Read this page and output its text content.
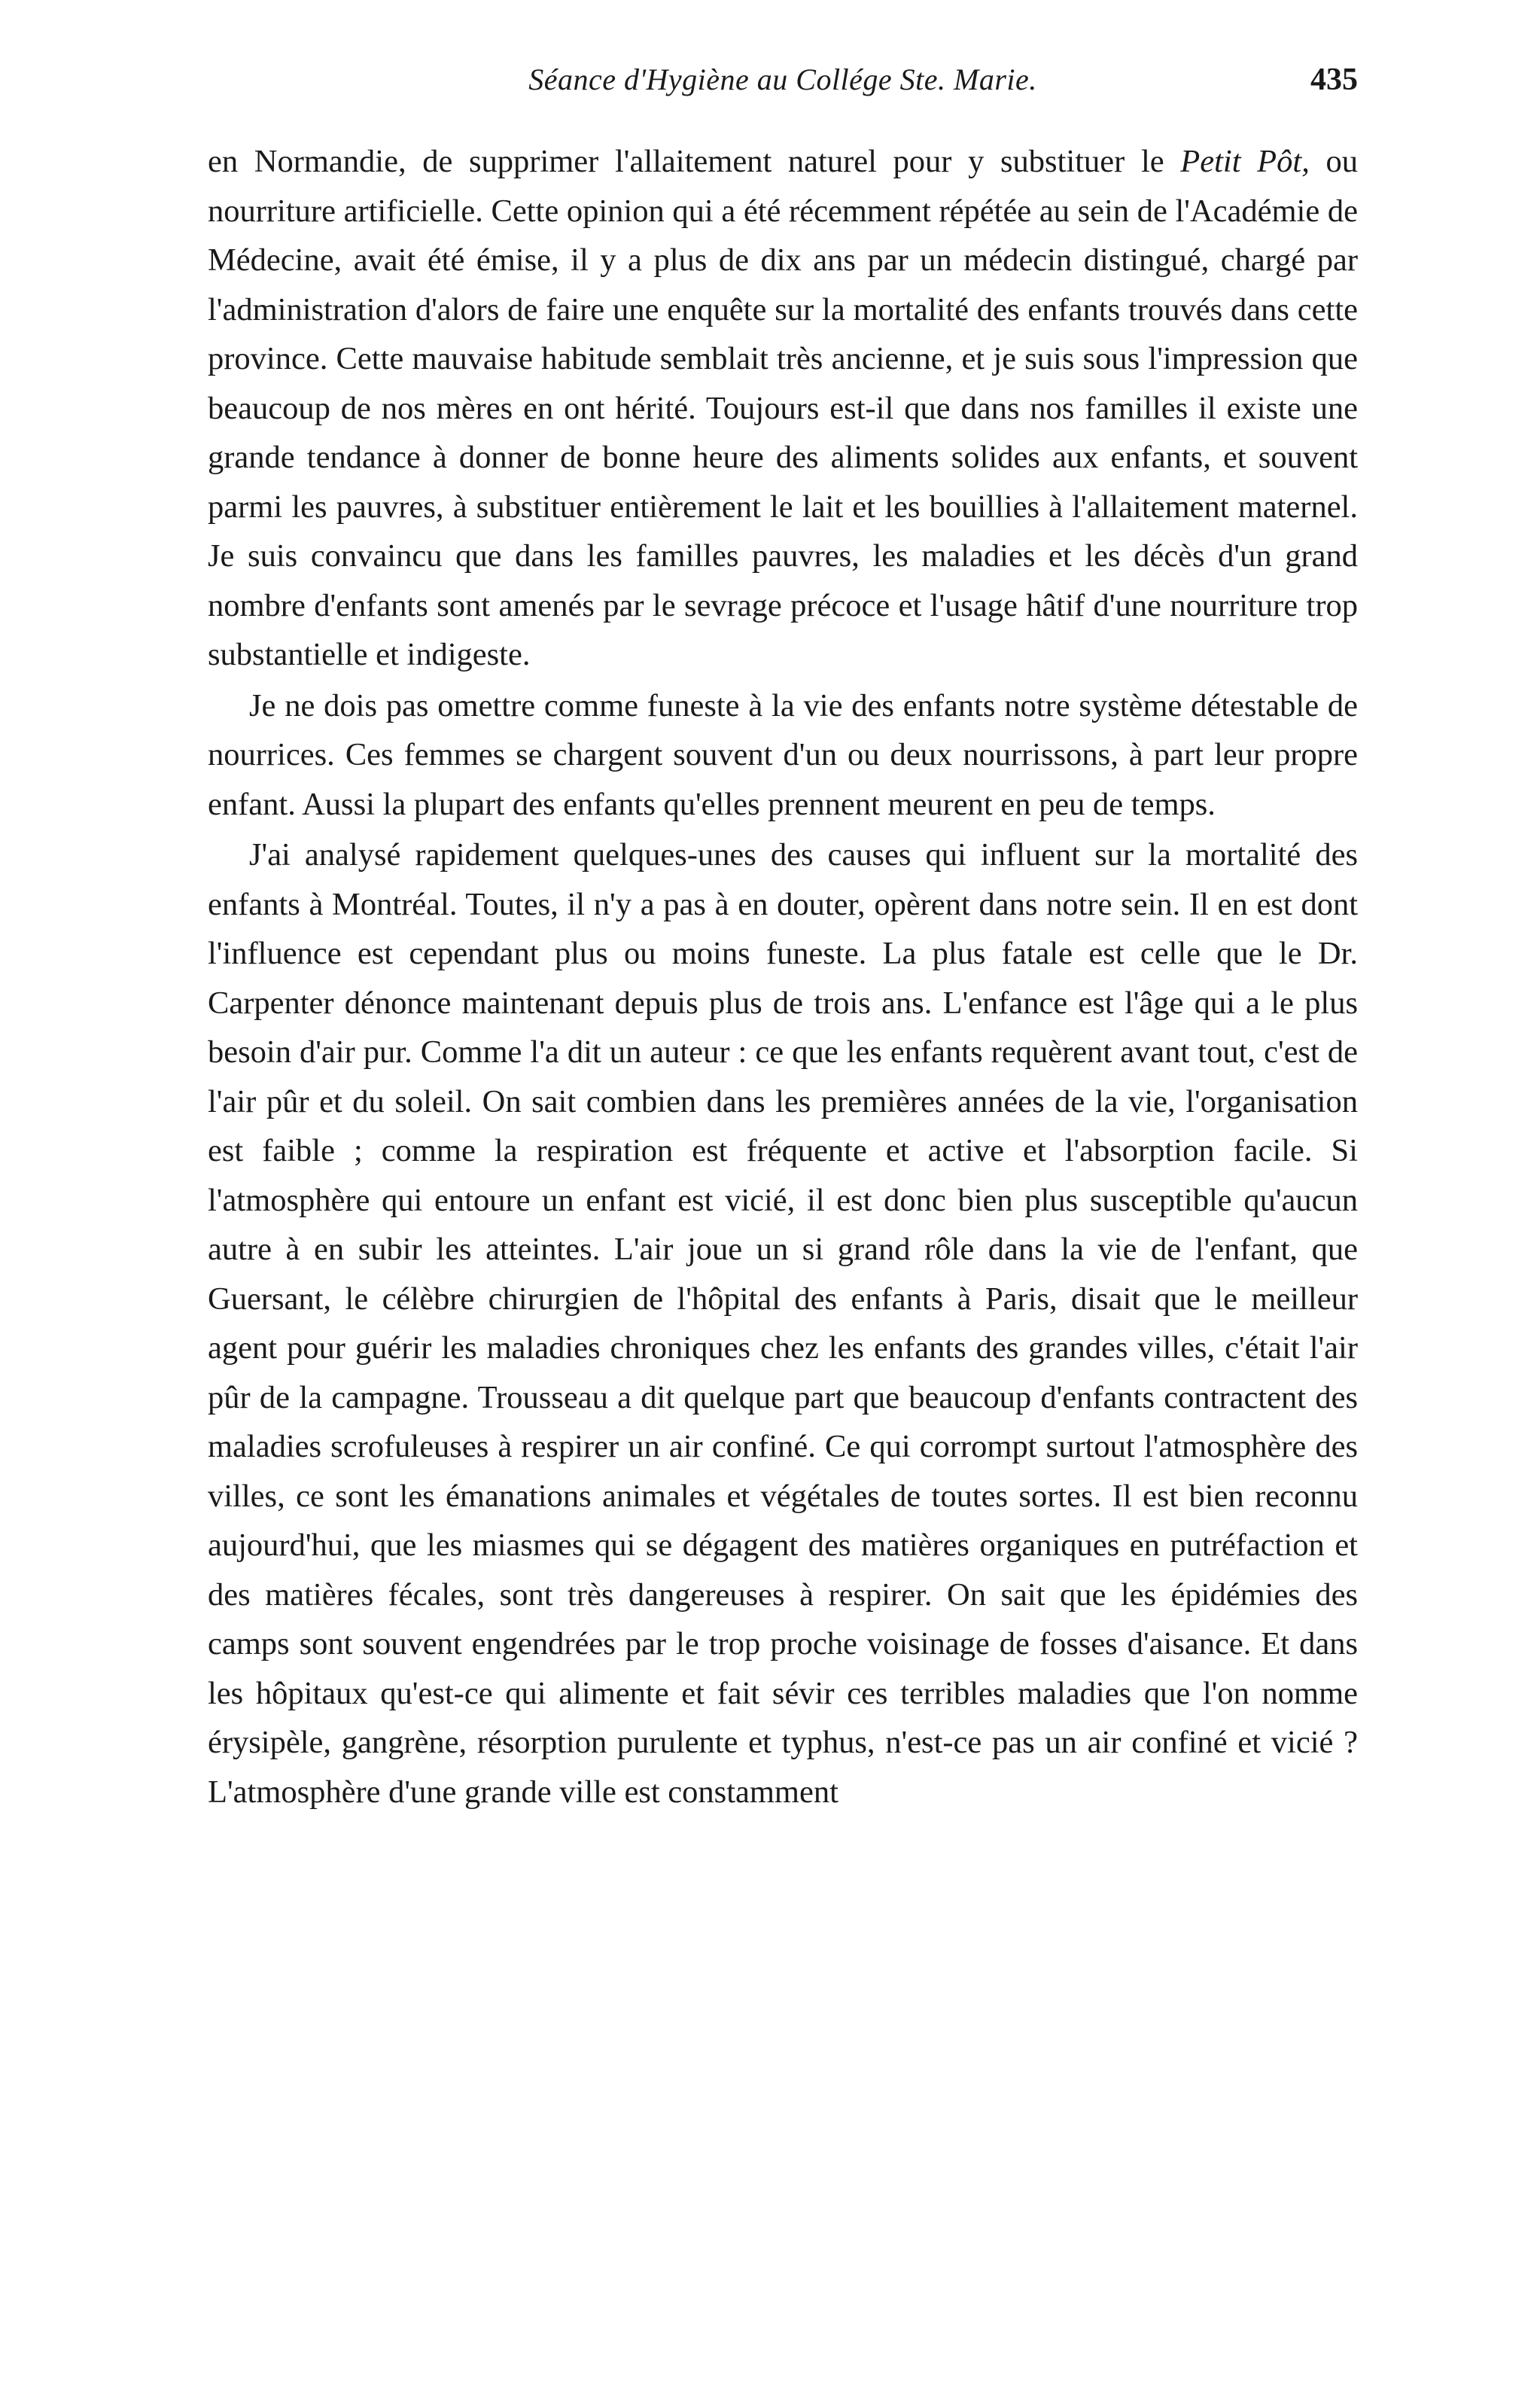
Séance d'Hygiène au Collége Ste. Marie.	435

en Normandie, de supprimer l'allaitement naturel pour y substituer le Petit Pôt, ou nourriture artificielle. Cette opinion qui a été récemment répétée au sein de l'Académie de Médecine, avait été émise, il y a plus de dix ans par un médecin distingué, chargé par l'administration d'alors de faire une enquête sur la mortalité des enfants trouvés dans cette province. Cette mauvaise habitude semblait très ancienne, et je suis sous l'impression que beaucoup de nos mères en ont hérité. Toujours est-il que dans nos familles il existe une grande tendance à donner de bonne heure des aliments solides aux enfants, et souvent parmi les pauvres, à substituer entièrement le lait et les bouillies à l'allaitement maternel. Je suis convaincu que dans les familles pauvres, les maladies et les décès d'un grand nombre d'enfants sont amenés par le sevrage précoce et l'usage hâtif d'une nourriture trop substantielle et indigeste.

Je ne dois pas omettre comme funeste à la vie des enfants notre système détestable de nourrices. Ces femmes se chargent souvent d'un ou deux nourrissons, à part leur propre enfant. Aussi la plupart des enfants qu'elles prennent meurent en peu de temps.

J'ai analysé rapidement quelques-unes des causes qui influent sur la mortalité des enfants à Montréal. Toutes, il n'y a pas à en douter, opèrent dans notre sein. Il en est dont l'influence est cependant plus ou moins funeste. La plus fatale est celle que le Dr. Carpenter dénonce maintenant depuis plus de trois ans. L'enfance est l'âge qui a le plus besoin d'air pur. Comme l'a dit un auteur : ce que les enfants requèrent avant tout, c'est de l'air pûr et du soleil. On sait combien dans les premières années de la vie, l'organisation est faible ; comme la respiration est fréquente et active et l'absorption facile. Si l'atmosphère qui entoure un enfant est vicié, il est donc bien plus susceptible qu'aucun autre à en subir les atteintes. L'air joue un si grand rôle dans la vie de l'enfant, que Guersant, le célèbre chirurgien de l'hôpital des enfants à Paris, disait que le meilleur agent pour guérir les maladies chroniques chez les enfants des grandes villes, c'était l'air pûr de la campagne. Trousseau a dit quelque part que beaucoup d'enfants contractent des maladies scrofuleuses à respirer un air confiné. Ce qui corrompt surtout l'atmosphère des villes, ce sont les émanations animales et végétales de toutes sortes. Il est bien reconnu aujourd'hui, que les miasmes qui se dégagent des matières organiques en putréfaction et des matières fécales, sont très dangereuses à respirer. On sait que les épidémies des camps sont souvent engendrées par le trop proche voisinage de fosses d'aisance. Et dans les hôpitaux qu'est-ce qui alimente et fait sévir ces terribles maladies que l'on nomme érysipèle, gangrène, résorption purulente et typhus, n'est-ce pas un air confiné et vicié ? L'atmosphère d'une grande ville est constamment
